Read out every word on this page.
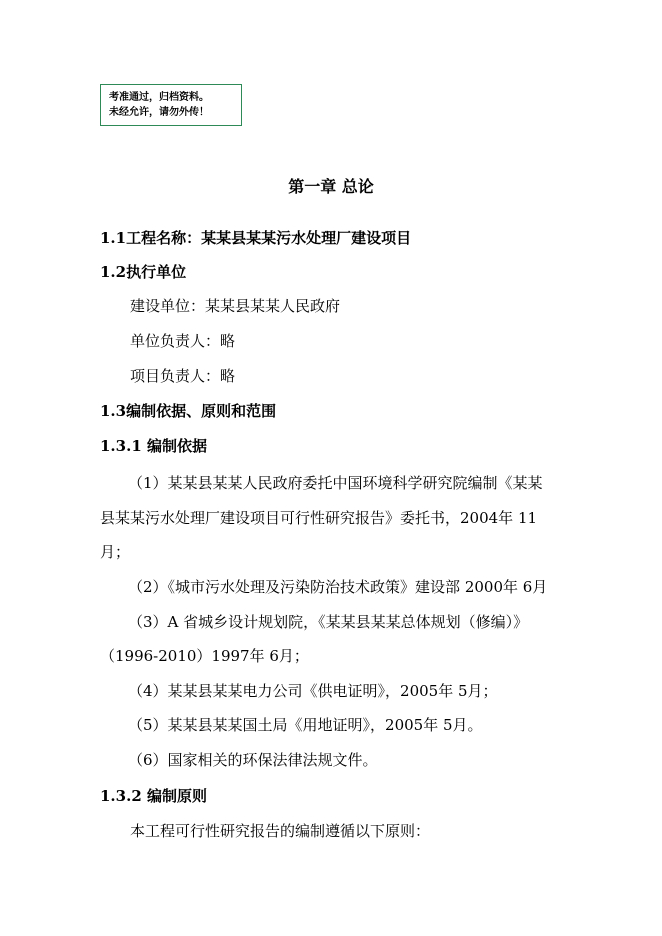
考准通过，归档资料。
未经允许，请勿外传！
第一章 总论
1.1工程名称：某某县某某污水处理厂建设项目
1.2执行单位
建设单位：某某县某某人民政府
单位负责人：略
项目负责人：略
1.3编制依据、原则和范围
1.3.1 编制依据
（1）某某县某某人民政府委托中国环境科学研究院编制《某某
县某某污水处理厂建设项目可行性研究报告》委托书，2004年 11
月；
（2）《城市污水处理及污染防治技术政策》建设部 2000年 6月
（3）A 省城乡设计规划院，《某某县某某总体规划（修编）》
（1996-2010）1997年 6月；
（4）某某县某某电力公司《供电证明》，2005年 5月；
（5）某某县某某国土局《用地证明》，2005年 5月。
（6）国家相关的环保法律法规文件。
1.3.2 编制原则
本工程可行性研究报告的编制遵循以下原则：
